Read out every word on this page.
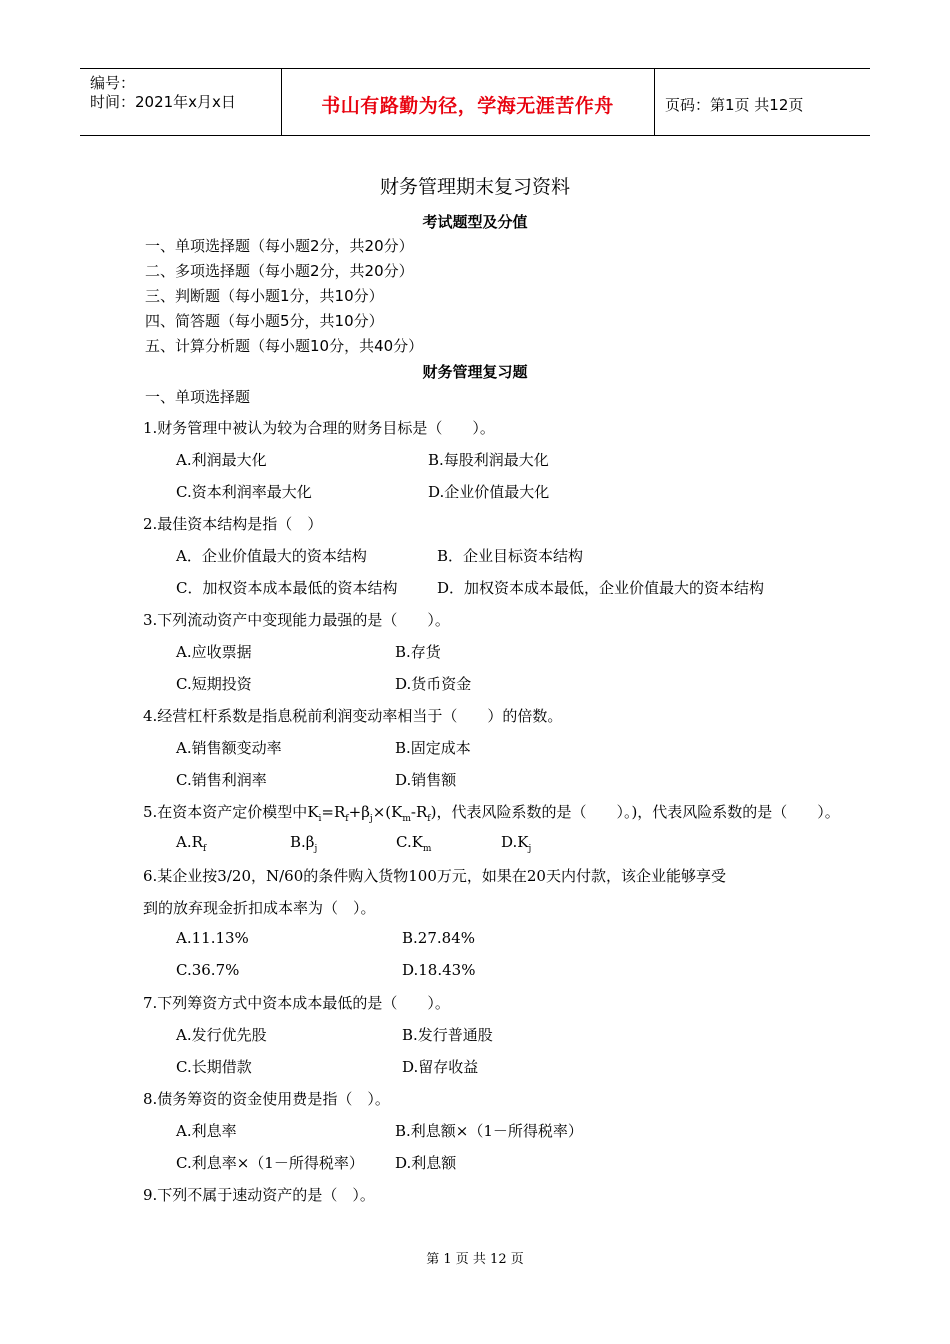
编号：
时间：2021年x月x日	书山有路勤为径，学海无涯苦作舟	页码：第1页 共12页
财务管理期末复习资料
考试题型及分值
一、单项选择题（每小题2分，共20分）
二、多项选择题（每小题2分，共20分）
三、判断题（每小题1分，共10分）
四、简答题（每小题5分，共10分）
五、计算分析题（每小题10分，共40分）
财务管理复习题
一、单项选择题
1.财务管理中被认为较为合理的财务目标是（　　）。
A.利润最大化	B.每股利润最大化
C.资本利润率最大化	D.企业价值最大化
2.最佳资本结构是指（　）
A．企业价值最大的资本结构	B．企业目标资本结构
C．加权资本成本最低的资本结构	D．加权资本成本最低，企业价值最大的资本结构
3.下列流动资产中变现能力最强的是（　　）。
A.应收票据	B.存货
C.短期投资	D.货币资金
4.经营杠杆系数是指息税前利润变动率相当于（　　）的倍数。
A.销售额变动率	B.固定成本
C.销售利润率	D.销售额
5.在资本资产定价模型中$K_i=R_f+\beta_j\times(K_m-R_f)$，代表风险系数的是（　　）。)，代表风险系数的是（　　）。
$A.R_f$	$B.\beta_j$	$C.K_m$	$D.K_j$
6.某企业按3/20，N/60的条件购入货物100万元，如果在20天内付款，该企业能够享受
到的放弃现金折扣成本率为（　）。
A.11.13%	B.27.84%
C.36.7%	D.18.43%
7.下列筹资方式中资本成本最低的是（　　）。
A.发行优先股	B.发行普通股
C.长期借款	D.留存收益
8.债务筹资的资金使用费是指（　）。
A.利息率	B.利息额×（1－所得税率）
C.利息率×（1－所得税率） D.利息额
9.下列不属于速动资产的是（　）。
第 1 页 共 12 页
